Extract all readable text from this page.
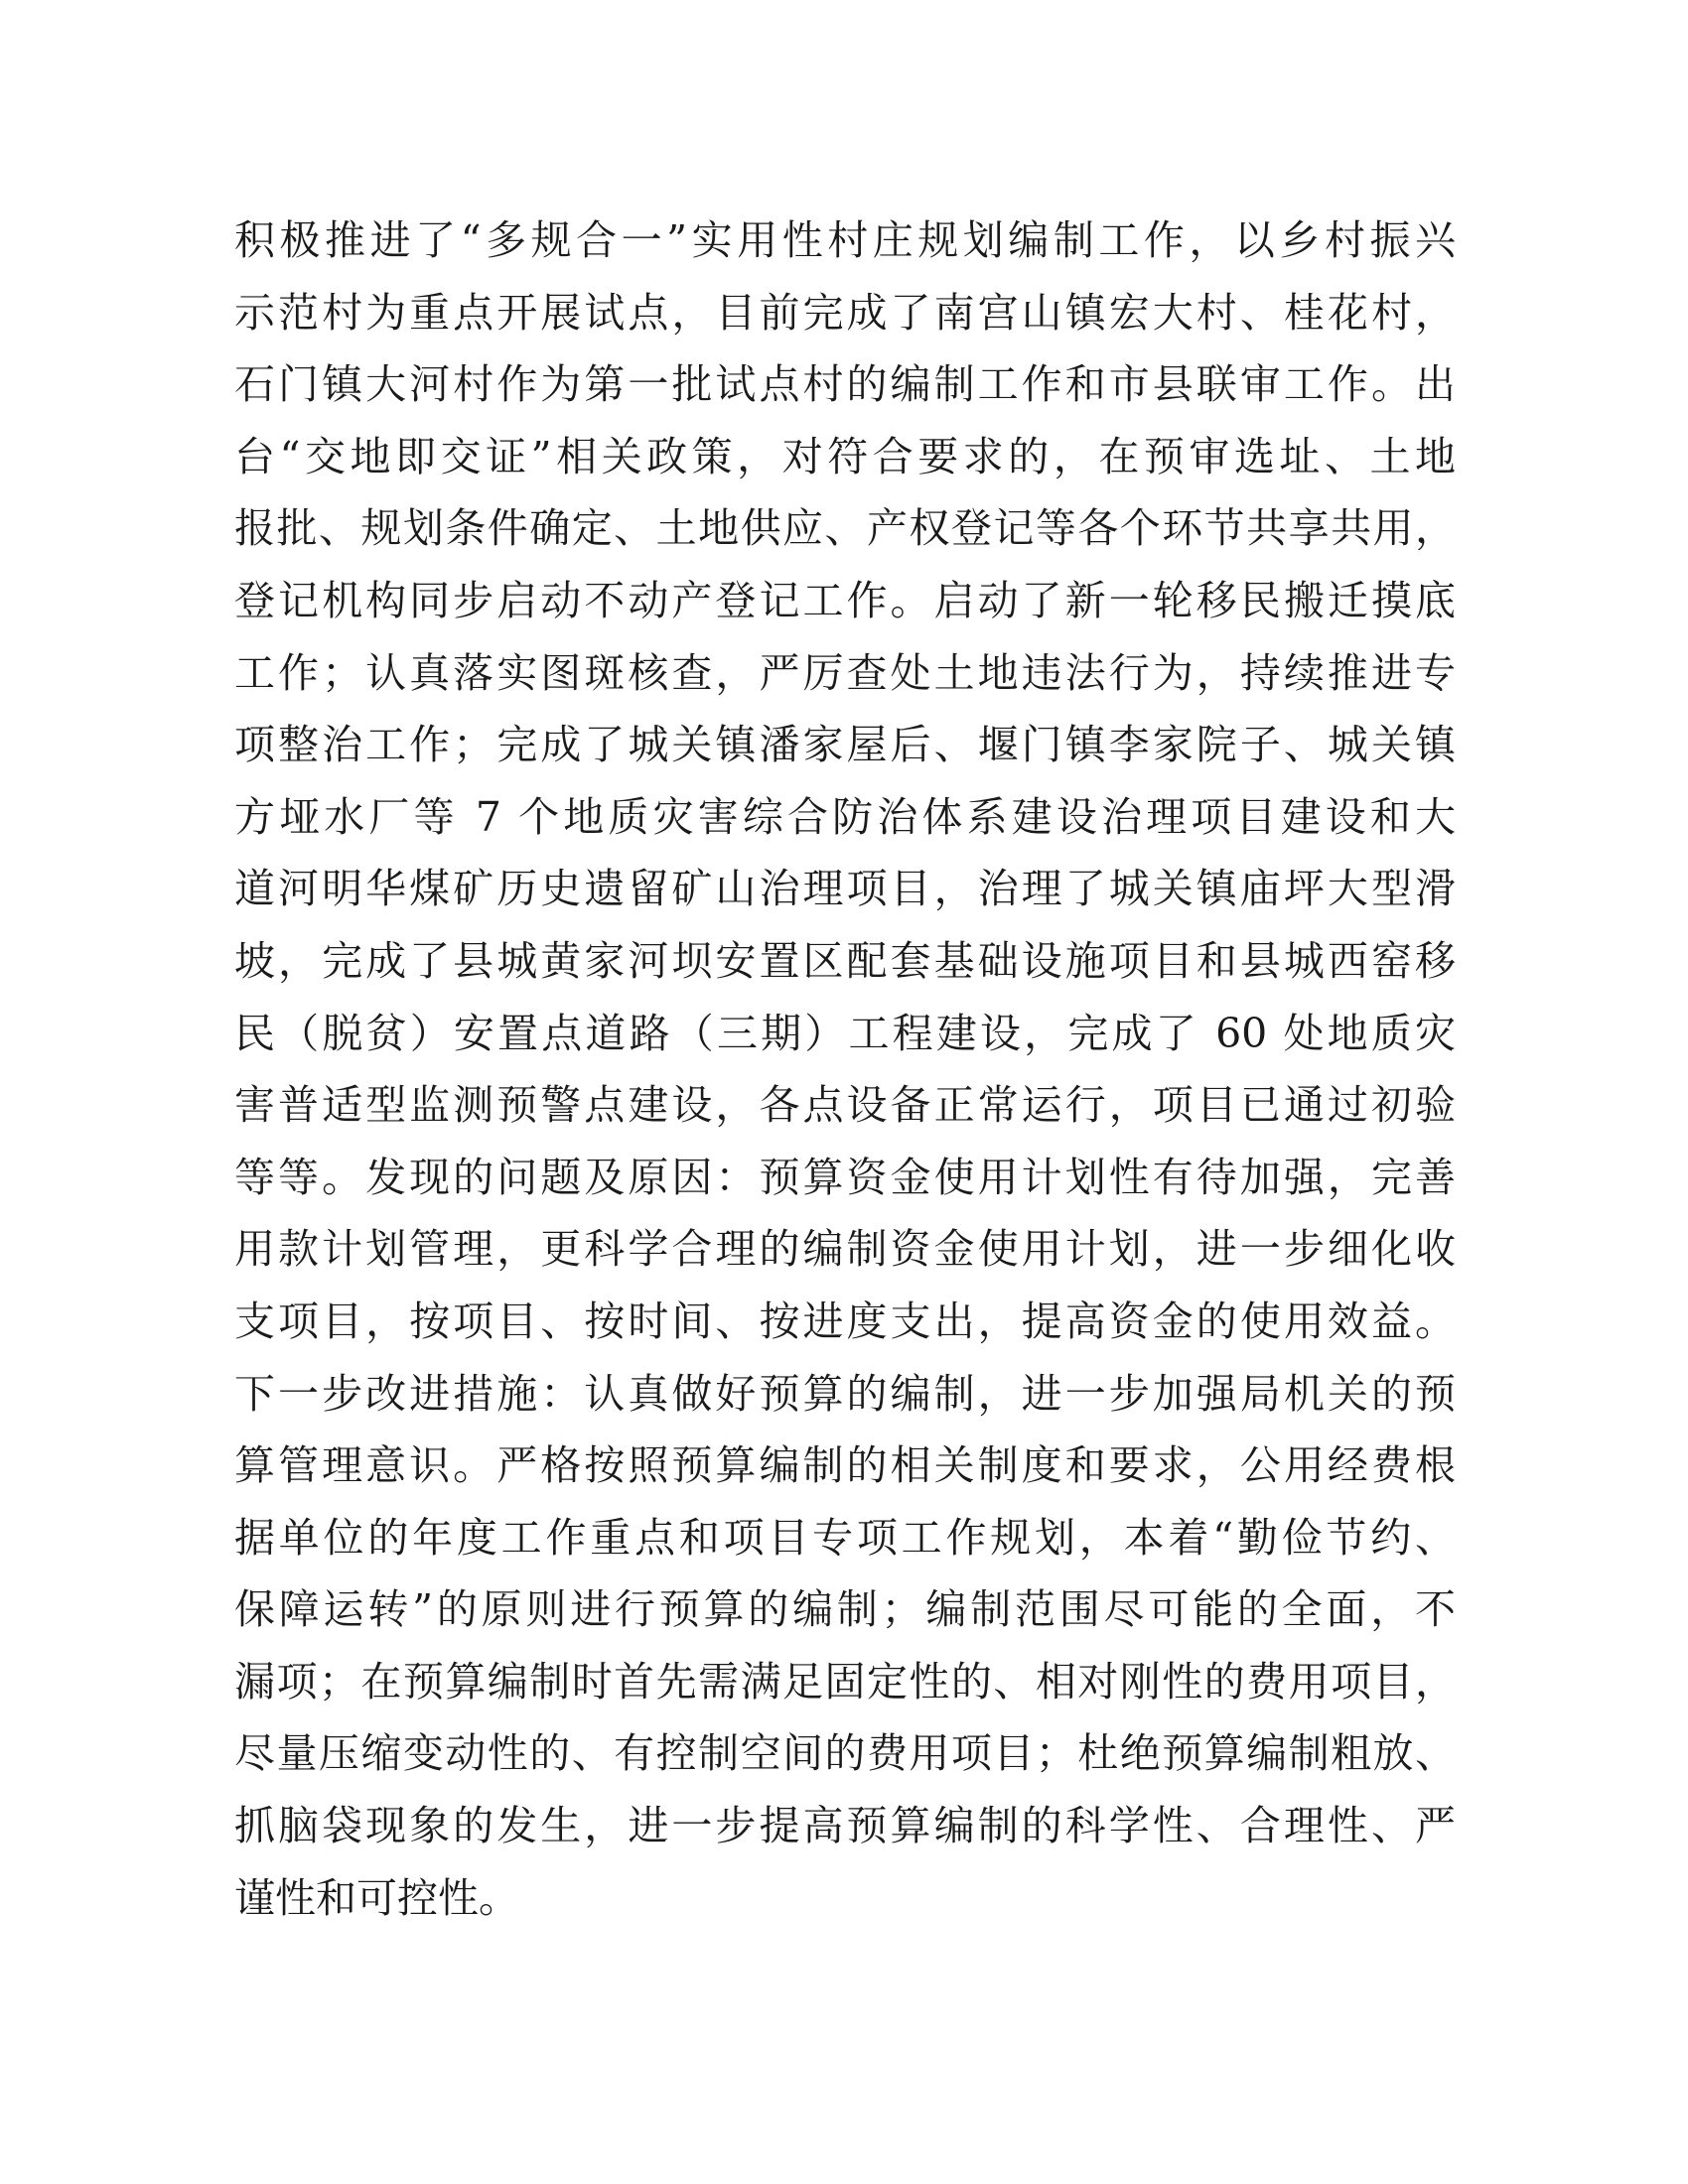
积极推进了“多规合一”实用性村庄规划编制工作，以乡村振兴
示范村为重点开展试点，目前完成了南宫山镇宏大村、桂花村，
石门镇大河村作为第一批试点村的编制工作和市县联审工作。出
台“交地即交证”相关政策，对符合要求的，在预审选址、土地
报批、规划条件确定、土地供应、产权登记等各个环节共享共用，
登记机构同步启动不动产登记工作。启动了新一轮移民搬迁摸底
工作；认真落实图斑核查，严厉查处土地违法行为，持续推进专
项整治工作；完成了城关镇潘家屋后、堰门镇李家院子、城关镇
方垭水厂等 7 个地质灾害综合防治体系建设治理项目建设和大
道河明华煤矿历史遗留矿山治理项目，治理了城关镇庙坪大型滑
坡，完成了县城黄家河坝安置区配套基础设施项目和县城西窑移
民（脱贫）安置点道路（三期）工程建设，完成了 60 处地质灾
害普适型监测预警点建设，各点设备正常运行，项目已通过初验
等等。发现的问题及原因：预算资金使用计划性有待加强，完善
用款计划管理，更科学合理的编制资金使用计划，进一步细化收
支项目，按项目、按时间、按进度支出，提高资金的使用效益。
下一步改进措施：认真做好预算的编制，进一步加强局机关的预
算管理意识。严格按照预算编制的相关制度和要求，公用经费根
据单位的年度工作重点和项目专项工作规划，本着“勤俭节约、
保障运转”的原则进行预算的编制；编制范围尽可能的全面，不
漏项；在预算编制时首先需满足固定性的、相对刚性的费用项目，
尽量压缩变动性的、有控制空间的费用项目；杜绝预算编制粗放、
抓脑袋现象的发生，进一步提高预算编制的科学性、合理性、严
谨性和可控性。
